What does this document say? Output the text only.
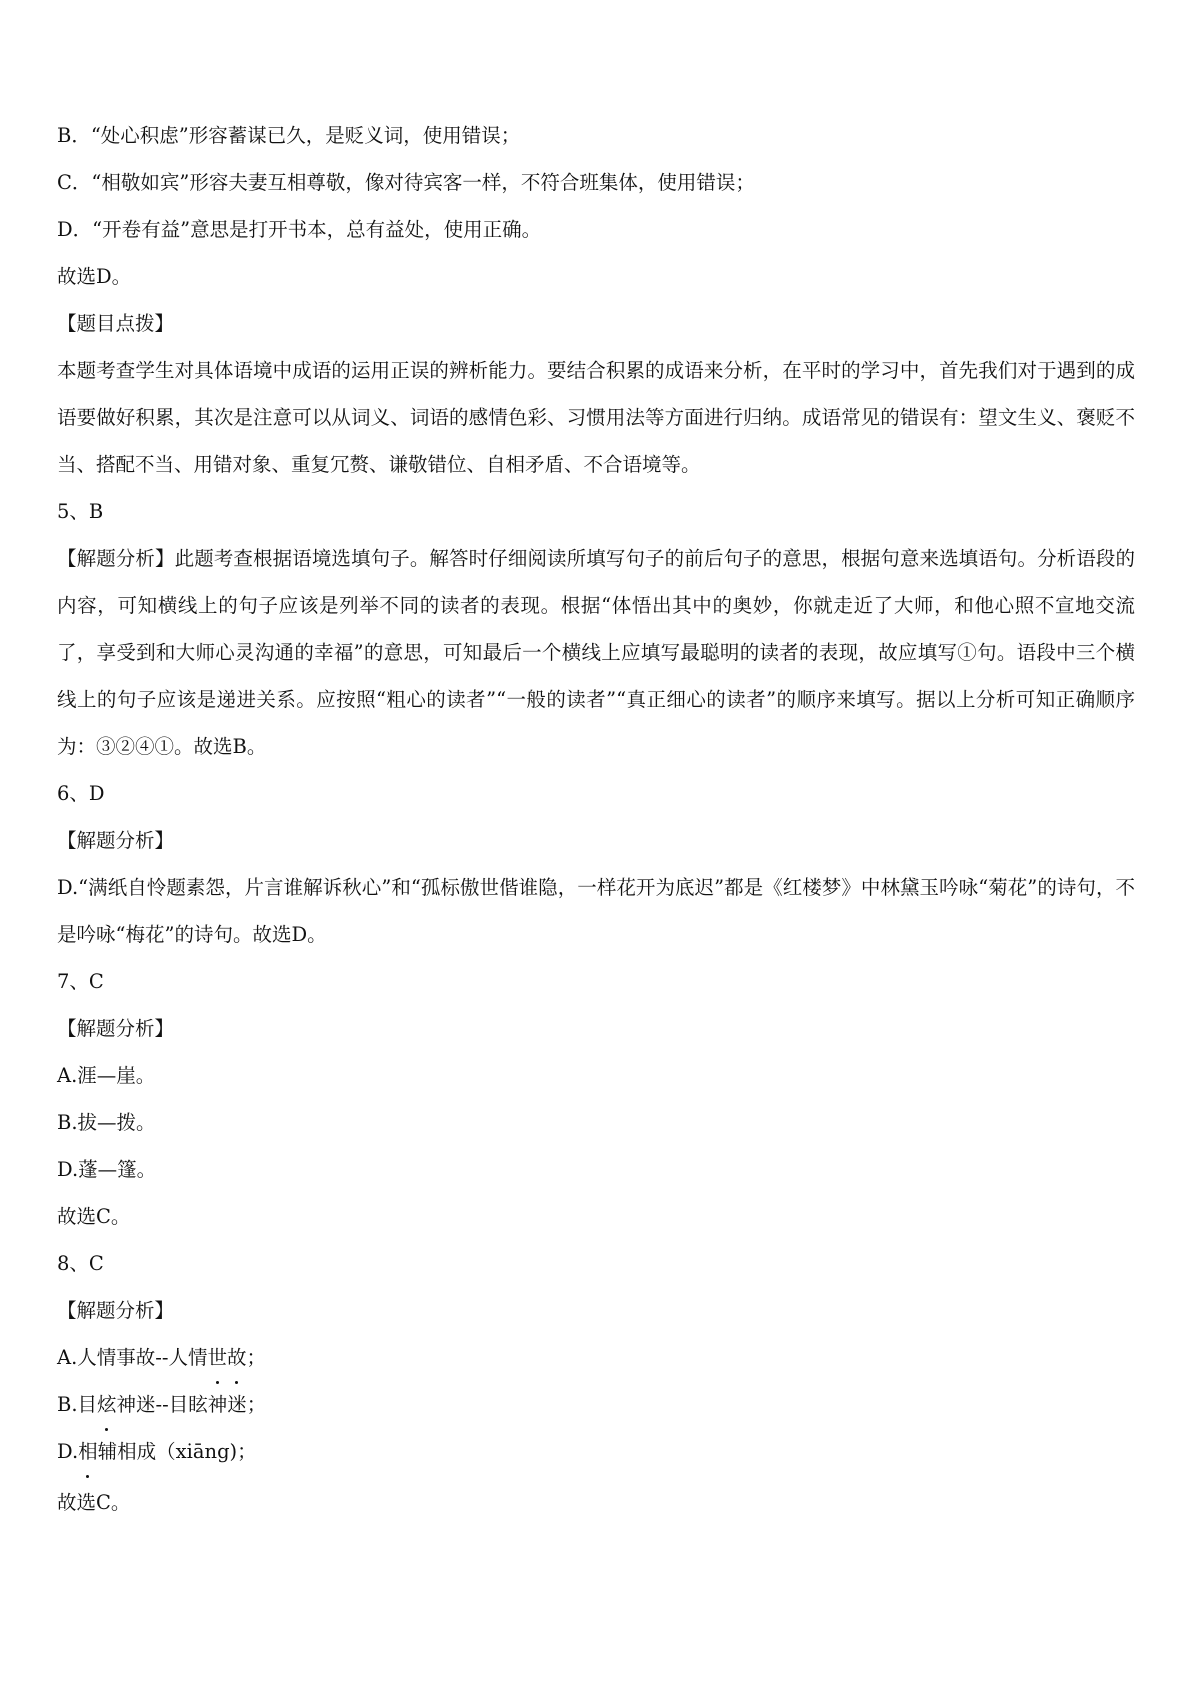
B．“处心积虑”形容蓄谋已久，是贬义词，使用错误；

C．“相敬如宾”形容夫妻互相尊敬，像对待宾客一样，不符合班集体，使用错误；

D．“开卷有益”意思是打开书本，总有益处，使用正确。

故选D。

【题目点拨】

本题考查学生对具体语境中成语的运用正误的辨析能力。要结合积累的成语来分析，在平时的学习中，首先我们对于遇到的成语要做好积累，其次是注意可以从词义、词语的感情色彩、习惯用法等方面进行归纳。成语常见的错误有：望文生义、褒贬不当、搭配不当、用错对象、重复冗赘、谦敬错位、自相矛盾、不合语境等。

5、B

【解题分析】此题考查根据语境选填句子。解答时仔细阅读所填写句子的前后句子的意思，根据句意来选填语句。分析语段的内容，可知横线上的句子应该是列举不同的读者的表现。根据“体悟出其中的奥妙，你就走近了大师，和他心照不宣地交流了，享受到和大师心灵沟通的幸福”的意思，可知最后一个横线上应填写最聪明的读者的表现，故应填写①句。语段中三个横线上的句子应该是递进关系。应按照“粗心的读者”“一般的读者”“真正细心的读者”的顺序来填写。据以上分析可知正确顺序为：③②④①。故选B。

6、D

【解题分析】

D.“满纸自怜题素怨，片言谁解诉秋心”和“孤标傲世偕谁隐，一样花开为底迟”都是《红楼梦》中林黛玉吟咏“菊花”的诗句，不是吟咏“梅花”的诗句。故选D。

7、C

【解题分析】

A.涯—崖。

B.拔—拨。

D.蓬—篷。

故选C。

8、C

【解题分析】

A.人情事故--人情世故；

B.目炫神迷--目眩神迷；

D.相辅相成（xiāng)；

故选C。
